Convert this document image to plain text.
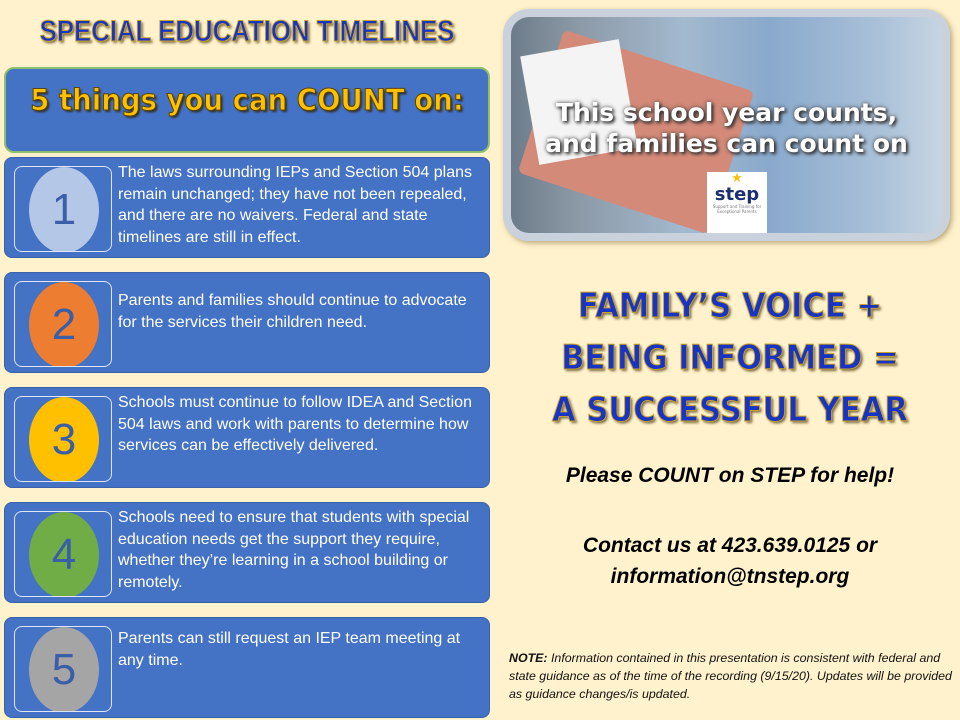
SPECIAL EDUCATION TIMELINES
5 things you can COUNT on:
1
The laws surrounding IEPs and Section 504 plans remain unchanged; they have not been repealed, and there are no waivers. Federal and state timelines are still in effect.
2	Parents and families should continue to advocate for the services their children need.
3
Schools must continue to follow IDEA and Section 504 laws and work with parents to determine how services can be effectively delivered.
4
Schools need to ensure that students with special education needs get the support they require, whether they’re learning in a school building or remotely.
5
Parents can still request an IEP team meeting at any time.
This school year counts,
and families can count on
★
step
Support and Training for Exceptional Parents
FAMILY’S VOICE +
BEING INFORMED =
A SUCCESSFUL YEAR
Please COUNT on STEP for help!
Contact us at 423.639.0125 or
information@tnstep.org
NOTE: Information contained in this presentation is consistent with federal and state guidance as of the time of the recording (9/15/20). Updates will be provided as guidance changes/is updated.
